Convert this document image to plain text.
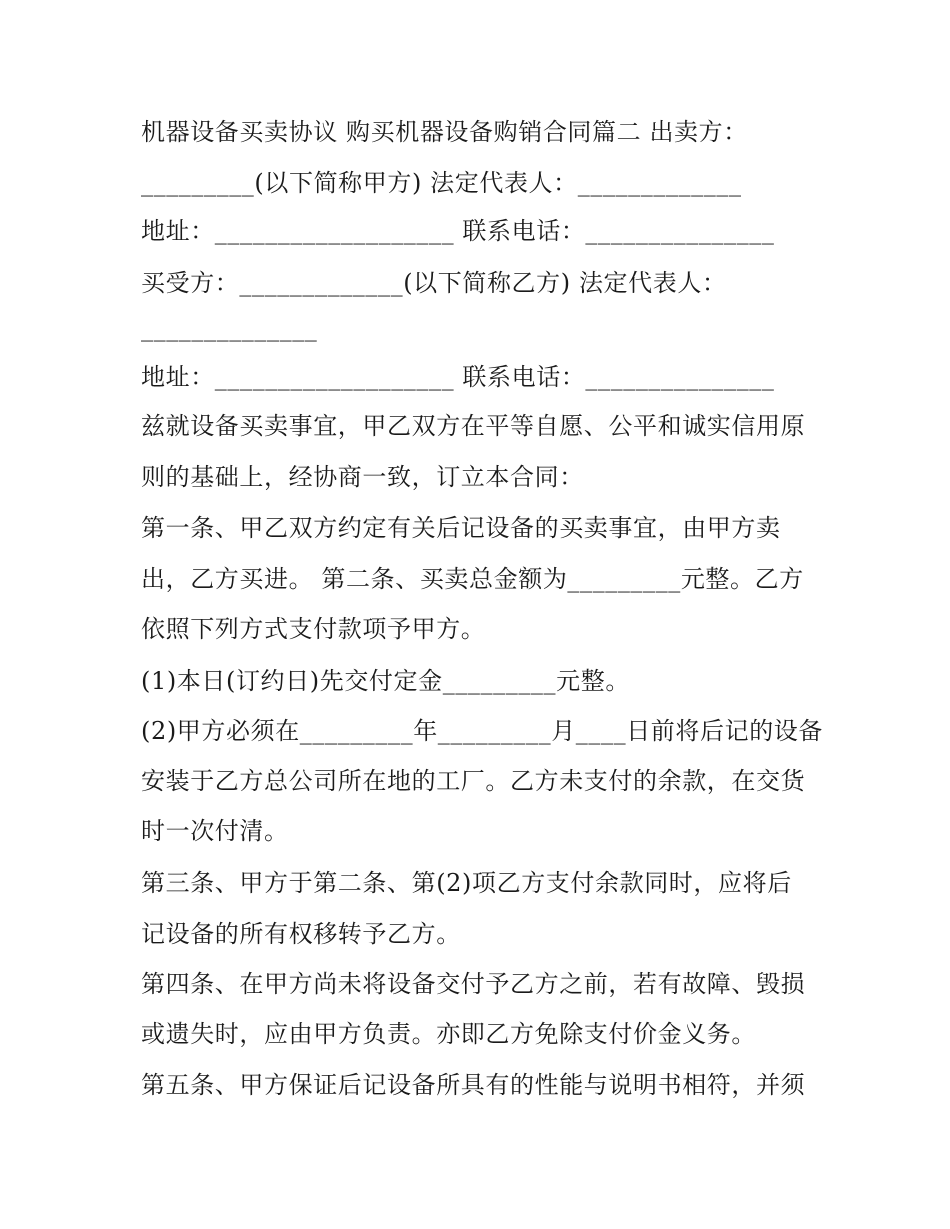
机器设备买卖协议 购买机器设备购销合同篇二 出卖方：
_________(以下简称甲方) 法定代表人：_____________
地址：___________________ 联系电话：_______________
买受方：_____________(以下简称乙方) 法定代表人：
______________
地址：___________________ 联系电话：_______________
兹就设备买卖事宜，甲乙双方在平等自愿、公平和诚实信用原
则的基础上，经协商一致，订立本合同：
第一条、甲乙双方约定有关后记设备的买卖事宜，由甲方卖
出，乙方买进。 第二条、买卖总金额为_________元整。乙方
依照下列方式支付款项予甲方。
(1)本日(订约日)先交付定金_________元整。
(2)甲方必须在_________年_________月____日前将后记的设备
安装于乙方总公司所在地的工厂。乙方未支付的余款，在交货
时一次付清。
第三条、甲方于第二条、第(2)项乙方支付余款同时，应将后
记设备的所有权移转予乙方。
第四条、在甲方尚未将设备交付予乙方之前，若有故障、毁损
或遗失时，应由甲方负责。亦即乙方免除支付价金义务。
第五条、甲方保证后记设备所具有的性能与说明书相符，并须
